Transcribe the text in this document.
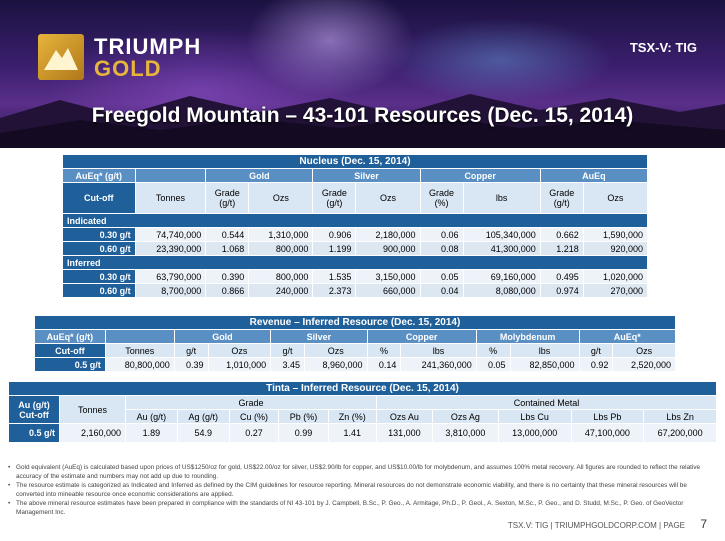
TRIUMPH
GOLD
TSX-V: TIG
Freegold Mountain – 43-101 Resources (Dec. 15, 2014)
Nucleus (Dec. 15, 2014)									
AuEq* (g/t)		Gold		Silver		Copper		AuEq	
Cut-off	Tonnes	Grade (g/t)	Ozs	Grade (g/t)	Ozs	Grade (%)	lbs	Grade (g/t)	Ozs
Indicated									
0.30 g/t	74,740,000	0.544	1,310,000	0.906	2,180,000	0.06	105,340,000	0.662	1,590,000
0.60 g/t	23,390,000	1.068	800,000	1.199	900,000	0.08	41,300,000	1.218	920,000
Inferred									
0.30 g/t	63,790,000	0.390	800,000	1.535	3,150,000	0.05	69,160,000	0.495	1,020,000
0.60 g/t	8,700,000	0.866	240,000	2.373	660,000	0.04	8,080,000	0.974	270,000
Revenue – Inferred Resource (Dec. 15, 2014)											
AuEq* (g/t)		Gold		Silver		Copper		Molybdenum		AuEq*	
Cut-off	Tonnes	g/t	Ozs	g/t	Ozs	%	lbs	%	lbs	g/t	Ozs
0.5 g/t	80,800,000	0.39	1,010,000	3.45	8,960,000	0.14	241,360,000	0.05	82,850,000	0.92	2,520,000
Tinta – Inferred Resource (Dec. 15, 2014)											
Au (g/t) Cut-off	Tonnes	Grade					Contained Metal				
		Au (g/t)	Ag (g/t)	Cu (%)	Pb (%)	Zn (%)	Ozs Au	Ozs Ag	Lbs Cu	Lbs Pb	Lbs Zn
0.5 g/t	2,160,000	1.89	54.9	0.27	0.99	1.41	131,000	3,810,000	13,000,000	47,100,000	67,200,000

• Gold equivalent (AuEq) is calculated based upon prices of US$1250/oz for gold, US$22.00/oz for silver, US$2.90/lb for copper, and US$10.00/lb for molybdenum, and assumes 100% metal recovery. All figures are rounded to reflect the relative accuracy of the estimate and numbers may not add up due to rounding.

• The resource estimate is categorized as Indicated and Inferred as defined by the CIM guidelines for resource reporting. Mineral resources do not demonstrate economic viability, and there is no certainty that these mineral resources will be converted into mineable resource once economic considerations are applied.

• The above mineral resource estimates have been prepared in compliance with the standards of NI 43-101 by J. Campbell, B.Sc., P. Geo., A. Armitage, Ph.D., P. Geol., A. Sexton, M.Sc., P. Geo., and D. Studd, M.Sc., P. Geo. of GeoVector Management Inc.

TSX.V: TIG | TRIUMPHGOLDCORP.COM | PAGE 7
